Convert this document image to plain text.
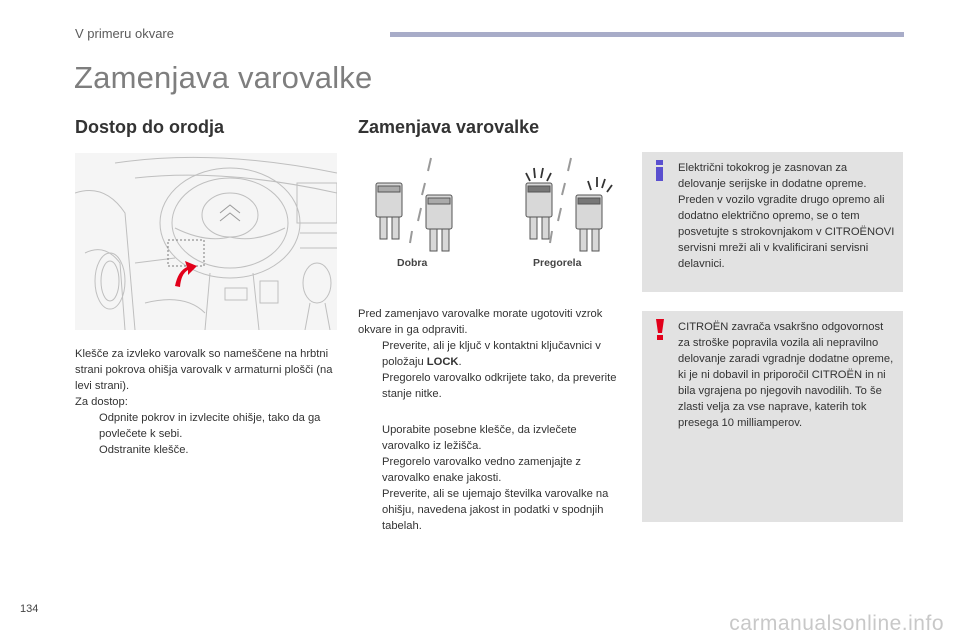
V primeru okvare
Zamenjava varovalke
Dostop do orodja

Klešče za izvleko varovalk so nameščene na hrbtni strani pokrova ohišja varovalk v armaturni plošči (na levi strani).

Za dostop:

Odpnite pokrov in izvlecite ohišje, tako da ga povlečete k sebi.

Odstranite klešče.

Zamenjava varovalke
Dobra	Pregorela

Pred zamenjavo varovalke morate ugotoviti vzrok okvare in ga odpraviti.

Preverite, ali je ključ v kontaktni ključavnici v položaju LOCK.

Pregorelo varovalko odkrijete tako, da preverite stanje nitke.

Uporabite posebne klešče, da izvlečete varovalko iz ležišča.

Pregorelo varovalko vedno zamenjajte z varovalko enake jakosti.

Preverite, ali se ujemajo številka varovalke na ohišju, navedena jakost in podatki v spodnjih tabelah.

Električni tokokrog je zasnovan za delovanje serijske in dodatne opreme. Preden v vozilo vgradite drugo opremo ali dodatno električno opremo, se o tem posvetujte s strokovnjakom v CITROËNOVI servisni mreži ali v kvalificirani servisni delavnici.
CITROËN zavrača vsakršno odgovornost za stroške popravila vozila ali nepravilno delovanje zaradi vgradnje dodatne opreme, ki je ni dobavil in priporočil CITROËN in ni bila vgrajena po njegovih navodilih. To še zlasti velja za vse naprave, katerih tok presega 10 milliamperov.
134
carmanualsonline.info
